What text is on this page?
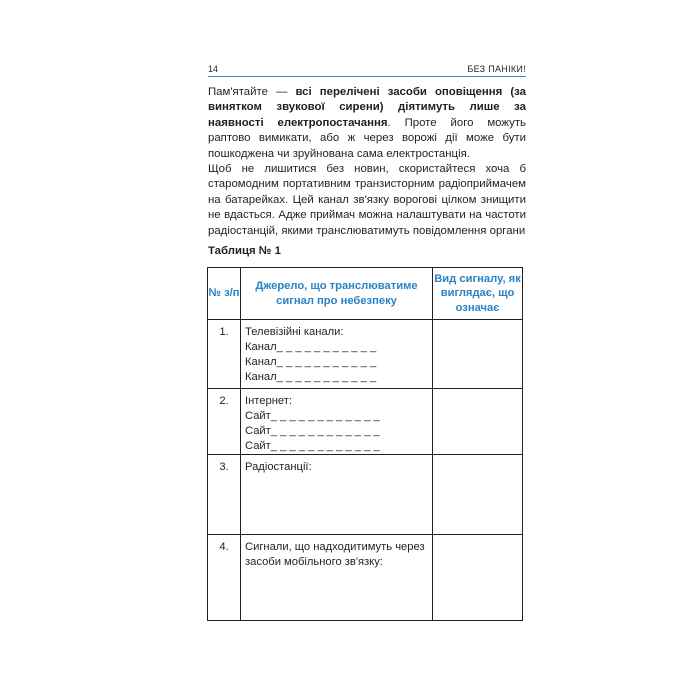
14	БЕЗ ПАНІКИ!

Пам'ятайте — всі перелічені засоби оповіщення (за винятком звукової сирени) діятимуть лише за наявності електропостачання. Проте його можуть раптово вимикати, або ж через ворожі дії може бути пошкоджена чи зруйнована сама електростанція.

Щоб не лишитися без новин, скористайтеся хоча б старомодним портативним транзисторним радіоприймачем на батарейках. Цей канал зв'язку ворогові цілком знищити не вдасться. Адже приймач можна налаштувати на частоти радіостанцій, якими транслюватимуть повідомлення органи

Таблиця № 1
№ з/п	Джерело, що транслюватиме сигнал про небезпеку	Вид сигналу, як виглядає, що означає
1.	Телевізійні канали:
Канал_ _ _ _ _ _ _ _ _ _ _
Канал_ _ _ _ _ _ _ _ _ _ _
Канал_ _ _ _ _ _ _ _ _ _ _	

2.	Інтернет:
Сайт_ _ _ _ _ _ _ _ _ _ _ _
Сайт_ _ _ _ _ _ _ _ _ _ _ _
Сайт_ _ _ _ _ _ _ _ _ _ _ _	

3.	Радіостанції:	

4.	Сигнали, що надходитимуть через засоби мобільного зв'язку:	
